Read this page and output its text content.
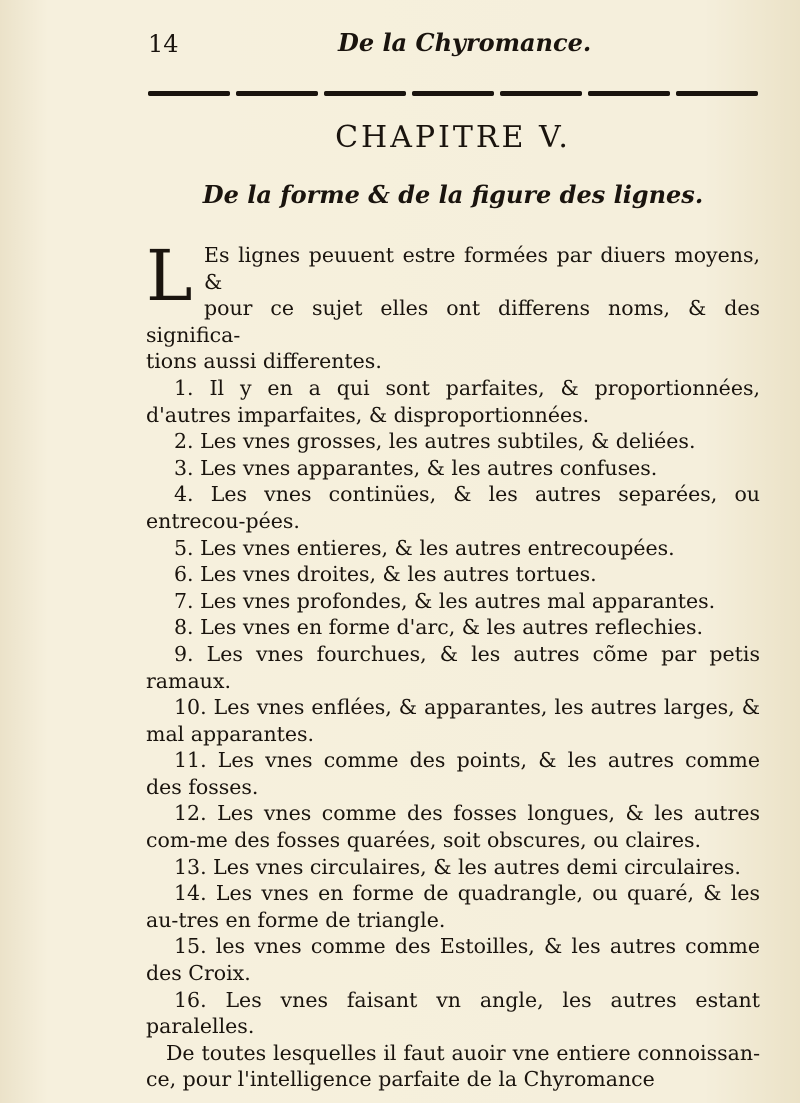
14	De la Chyromance.
CHAPITRE V.
De la forme & de la figure des lignes.
L Es lignes peuuent estre formées par diuers moyens, &
pour ce sujet elles ont differens noms, & des significa-
tions aussi differentes.
1. Il y en a qui sont parfaites, & proportionnées, d'autres imparfaites, & disproportionnées.
2. Les vnes grosses, les autres subtiles, & deliées.
3. Les vnes apparantes, & les autres confuses.
4. Les vnes continües, & les autres separées, ou entrecou-pées.
5. Les vnes entieres, & les autres entrecoupées.
6. Les vnes droites, & les autres tortues.
7. Les vnes profondes, & les autres mal apparantes.
8. Les vnes en forme d'arc, & les autres reflechies.
9. Les vnes fourchues, & les autres cõme par petis ramaux.
10. Les vnes enflées, & apparantes, les autres larges, & mal apparantes.
11. Les vnes comme des points, & les autres comme des fosses.
12. Les vnes comme des fosses longues, & les autres com-me des fosses quarées, soit obscures, ou claires.
13. Les vnes circulaires, & les autres demi circulaires.
14. Les vnes en forme de quadrangle, ou quaré, & les au-tres en forme de triangle.
15. les vnes comme des Estoilles, & les autres comme des Croix.
16. Les vnes faisant vn angle, les autres estant paralelles.
De toutes lesquelles il faut auoir vne entiere connoissan-ce, pour l'intelligence parfaite de la Chyromance
